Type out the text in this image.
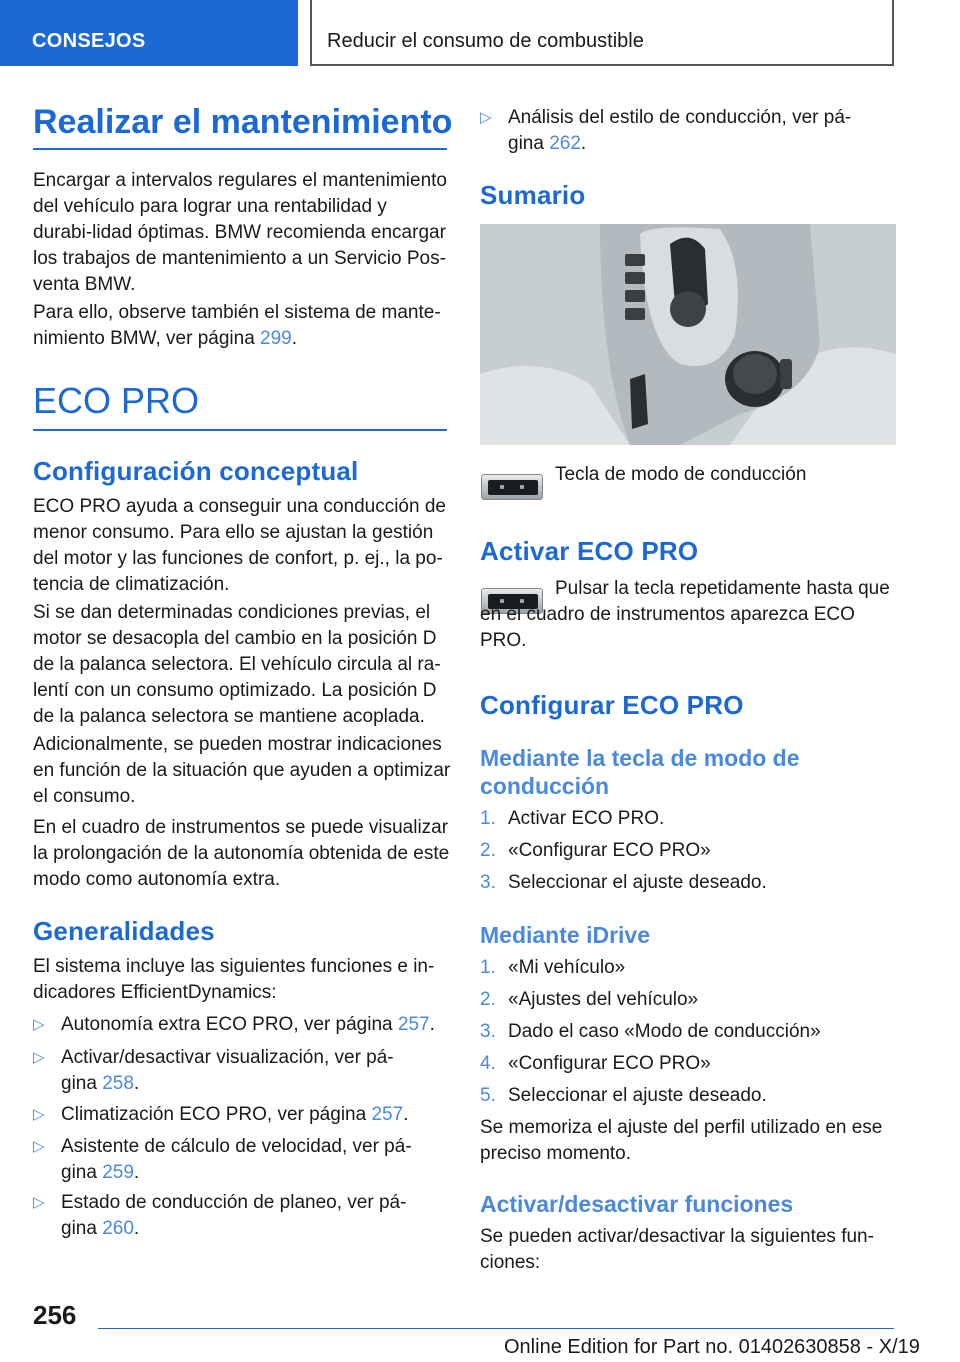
CONSEJOS	Reducir el consumo de combustible
Realizar el mantenimiento
Encargar a intervalos regulares el mantenimiento del vehículo para lograr una rentabilidad y durabi-lidad óptimas. BMW recomienda encargar los trabajos de mantenimiento a un Servicio Pos-venta BMW.
Para ello, observe también el sistema de mante-nimiento BMW, ver página 299.
ECO PRO
Configuración conceptual
ECO PRO ayuda a conseguir una conducción de menor consumo. Para ello se ajustan la gestión del motor y las funciones de confort, p. ej., la po-tencia de climatización.
Si se dan determinadas condiciones previas, el motor se desacopla del cambio en la posición D de la palanca selectora. El vehículo circula al ra-lentí con un consumo optimizado. La posición D de la palanca selectora se mantiene acoplada.
Adicionalmente, se pueden mostrar indicaciones en función de la situación que ayuden a optimizar el consumo.
En el cuadro de instrumentos se puede visualizar la prolongación de la autonomía obtenida de este modo como autonomía extra.
Generalidades
El sistema incluye las siguientes funciones e in-dicadores EfficientDynamics:
▷ Autonomía extra ECO PRO, ver página 257.
▷ Activar/desactivar visualización, ver pá-gina 258.
▷ Climatización ECO PRO, ver página 257.
▷ Asistente de cálculo de velocidad, ver pá-gina 259.
▷ Estado de conducción de planeo, ver pá-gina 260.
▷ Análisis del estilo de conducción, ver pá-gina 262.
Sumario
Tecla de modo de conducción
Activar ECO PRO
Pulsar la tecla repetidamente hasta que en el cuadro de instrumentos aparezca ECO PRO.
Configurar ECO PRO
Mediante la tecla de modo de conducción
1. Activar ECO PRO.
2. «Configurar ECO PRO»
3. Seleccionar el ajuste deseado.
Mediante iDrive
1. «Mi vehículo»
2. «Ajustes del vehículo»
3. Dado el caso «Modo de conducción»
4. «Configurar ECO PRO»
5. Seleccionar el ajuste deseado.
Se memoriza el ajuste del perfil utilizado en ese preciso momento.
Activar/desactivar funciones
Se pueden activar/desactivar la siguientes fun-ciones:
256
Online Edition for Part no. 01402630858 - X/19
